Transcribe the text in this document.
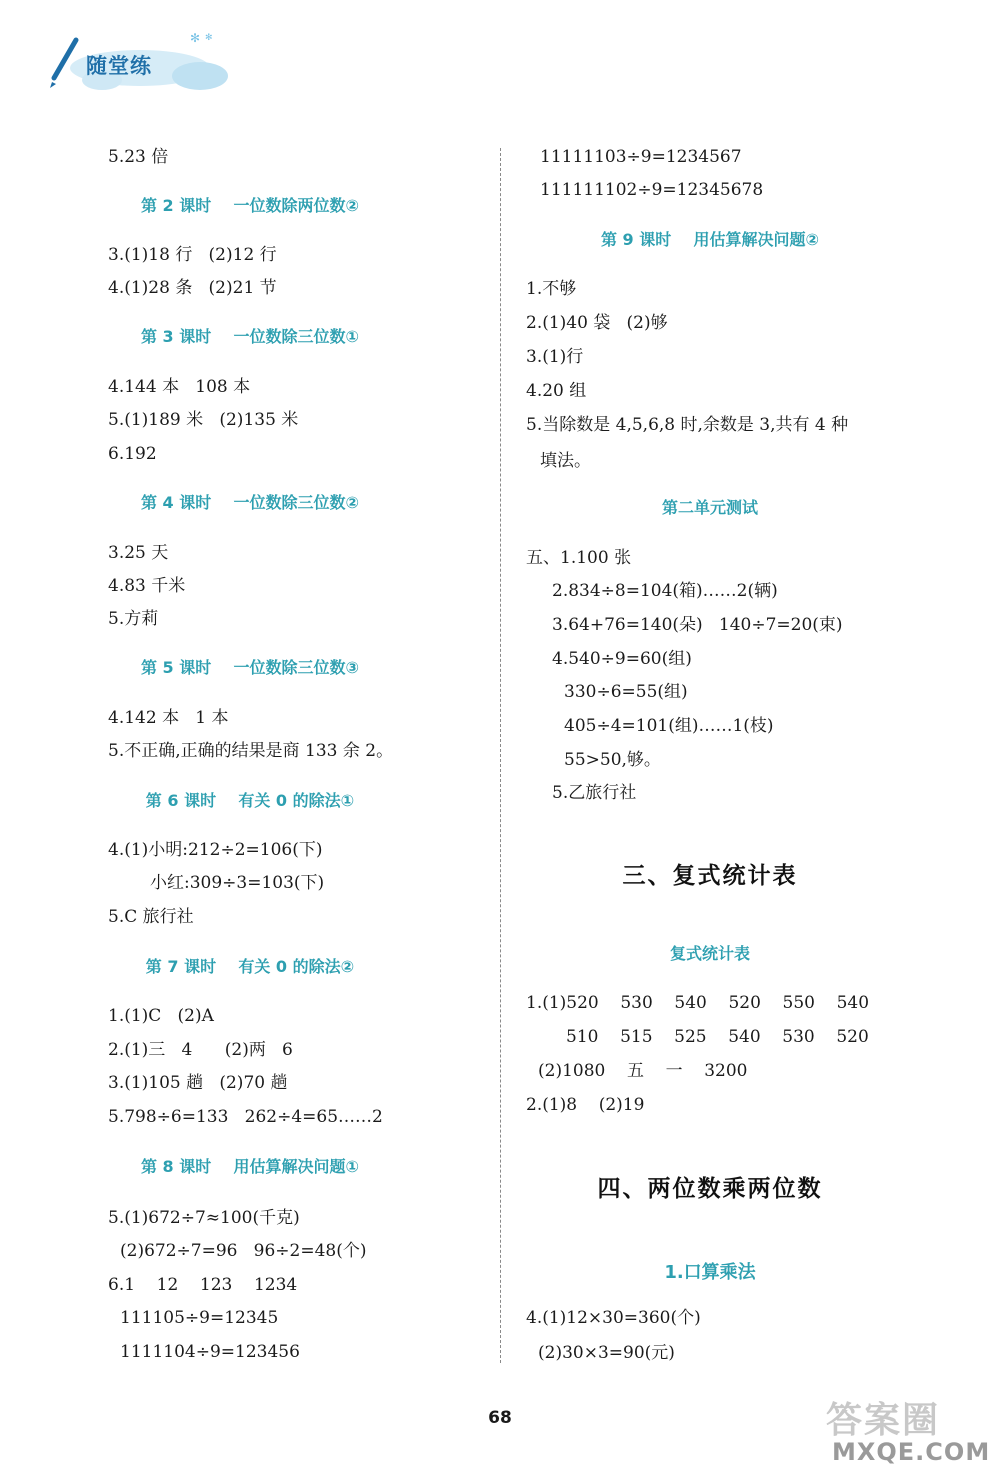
✻ ✻
随堂练
5.23 倍
第 2 课时    一位数除两位数②
3.(1)18 行   (2)12 行
4.(1)28 条   (2)21 节
第 3 课时    一位数除三位数①
4.144 本   108 本
5.(1)189 米   (2)135 米
6.192
第 4 课时    一位数除三位数②
3.25 天
4.83 千米
5.方莉
第 5 课时    一位数除三位数③
4.142 本   1 本
5.不正确,正确的结果是商 133 余 2。
第 6 课时    有关 0 的除法①
4.(1)小明:212÷2=106(下)
小红:309÷3=103(下)
5.C 旅行社
第 7 课时    有关 0 的除法②
1.(1)C   (2)A
2.(1)三   4      (2)两   6
3.(1)105 趟   (2)70 趟
5.798÷6=133   262÷4=65……2
第 8 课时    用估算解决问题①
5.(1)672÷7≈100(千克)
(2)672÷7=96   96÷2=48(个)
6.1    12    123    1234
111105÷9=12345
1111104÷9=123456
11111103÷9=1234567
111111102÷9=12345678
第 9 课时    用估算解决问题②
1.不够
2.(1)40 袋   (2)够
3.(1)行
4.20 组
5.当除数是 4,5,6,8 时,余数是 3,共有 4 种
填法。
第二单元测试
五、1.100 张
2.834÷8=104(箱)……2(辆)
3.64+76=140(朵)   140÷7=20(束)
4.540÷9=60(组)
330÷6=55(组)
405÷4=101(组)……1(枝)
55>50,够。
5.乙旅行社
三、复式统计表
复式统计表
1.(1)520    530    540    520    550    540
510    515    525    540    530    520
(2)1080    五    一    3200
2.(1)8    (2)19
四、两位数乘两位数
1.口算乘法
4.(1)12×30=360(个)
(2)30×3=90(元)
68	答案圈
MXQE.COM
